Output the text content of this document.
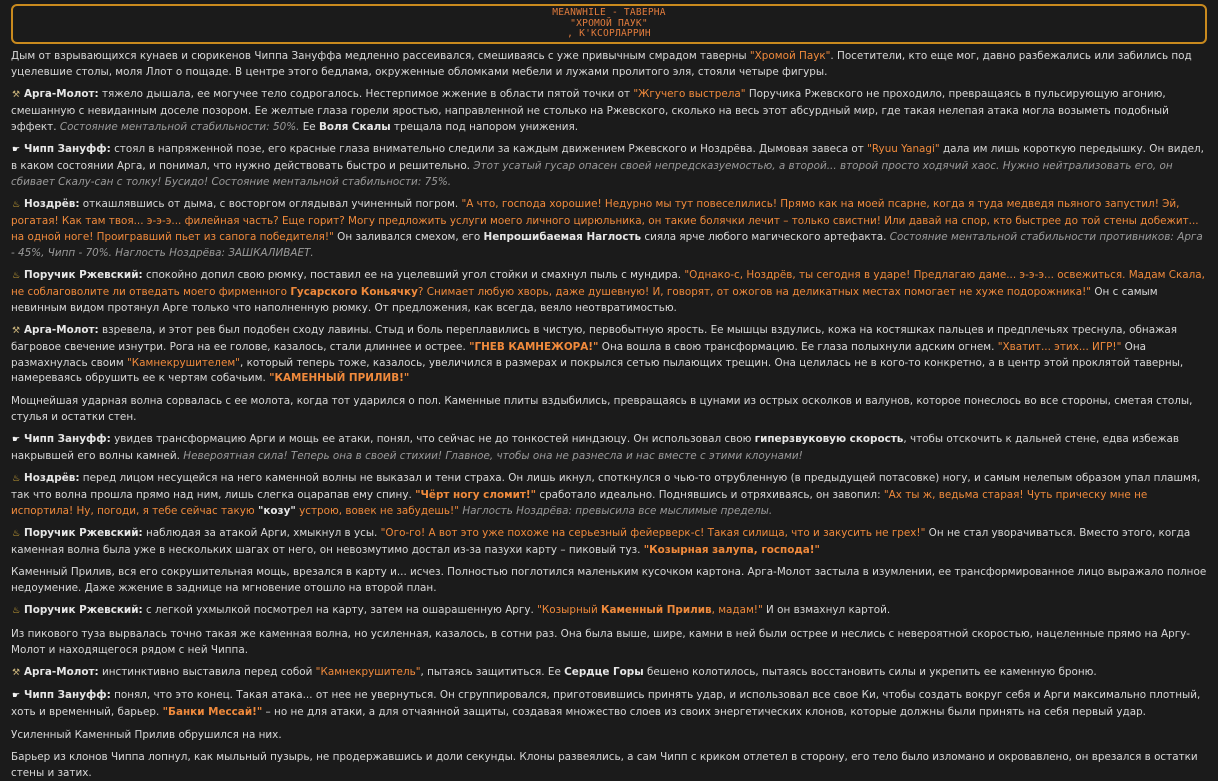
MEANWHILE - ТАВЕРНА
"ХРОМОЙ ПАУК"
, К'КСОРЛАРРИН
Дым от взрывающихся кунаев и сюрикенов Чиппа Зануффа медленно рассеивался, смешиваясь с уже привычным смрадом таверны "Хромой Паук". Посетители, кто еще мог, давно разбежались или забились под уцелевшие столы, моля Ллот о пощаде. В центре этого бедлама, окруженные обломками мебели и лужами пролитого эля, стояли четыре фигуры.
⚒ Арга-Молот: тяжело дышала, ее могучее тело содрогалось. Нестерпимое жжение в области пятой точки от "Жгучего выстрела" Поручика Ржевского не проходило, превращаясь в пульсирующую агонию, смешанную с невиданным доселе позором. Ее желтые глаза горели яростью, направленной не столько на Ржевского, сколько на весь этот абсурдный мир, где такая нелепая атака могла возыметь подобный эффект. Состояние ментальной стабильности: 50%. Ее Воля Скалы трещала под напором унижения.
☛ Чипп Зануфф: стоял в напряженной позе, его красные глаза внимательно следили за каждым движением Ржевского и Ноздрёва. Дымовая завеса от "Ryuu Yanagi" дала им лишь короткую передышку. Он видел, в каком состоянии Арга, и понимал, что нужно действовать быстро и решительно. Этот усатый гусар опасен своей непредсказуемостью, а второй... второй просто ходячий хаос. Нужно нейтрализовать его, он сбивает Скалу-сан с толку! Бусидо! Состояние ментальной стабильности: 75%.
♨ Ноздрёв: откашлявшись от дыма, с восторгом оглядывал учиненный погром. "А что, господа хорошие! Недурно мы тут повеселились! Прямо как на моей псарне, когда я туда медведя пьяного запустил! Эй, рогатая! Как там твоя... э-э-э... филейная часть? Еще горит? Могу предложить услуги моего личного цирюльника, он такие болячки лечит – только свистни! Или давай на спор, кто быстрее до той стены добежит... на одной ноге! Проигравший пьет из сапога победителя!" Он заливался смехом, его Непрошибаемая Наглость сияла ярче любого магического артефакта. Состояние ментальной стабильности противников: Арга - 45%, Чипп - 70%. Наглость Ноздрёва: ЗАШКАЛИВАЕТ.
♨ Поручик Ржевский: спокойно допил свою рюмку, поставил ее на уцелевший угол стойки и смахнул пыль с мундира. "Однако-с, Ноздрёв, ты сегодня в ударе! Предлагаю даме... э-э-э... освежиться. Мадам Скала, не соблаговолите ли отведать моего фирменного Гусарского Коньячку? Снимает любую хворь, даже душевную! И, говорят, от ожогов на деликатных местах помогает не хуже подорожника!" Он с самым невинным видом протянул Арге только что наполненную рюмку. От предложения, как всегда, веяло неотвратимостью.
⚒ Арга-Молот: взревела, и этот рев был подобен сходу лавины. Стыд и боль переплавились в чистую, первобытную ярость. Ее мышцы вздулись, кожа на костяшках пальцев и предплечьях треснула, обнажая багровое свечение изнутри. Рога на ее голове, казалось, стали длиннее и острее. "ГНЕВ КАМНЕЖОРА!" Она вошла в свою трансформацию. Ее глаза полыхнули адским огнем. "Хватит... этих... ИГР!" Она размахнулась своим "Камнекрушителем", который теперь тоже, казалось, увеличился в размерах и покрылся сетью пылающих трещин. Она целилась не в кого-то конкретно, а в центр этой проклятой таверны, намереваясь обрушить ее к чертям собачьим. "КАМЕННЫЙ ПРИЛИВ!"
Мощнейшая ударная волна сорвалась с ее молота, когда тот ударился о пол. Каменные плиты вздыбились, превращаясь в цунами из острых осколков и валунов, которое понеслось во все стороны, сметая столы, стулья и остатки стен.
☛ Чипп Зануфф: увидев трансформацию Арги и мощь ее атаки, понял, что сейчас не до тонкостей ниндзюцу. Он использовал свою гиперзвуковую скорость, чтобы отскочить к дальней стене, едва избежав накрывшей его волны камней. Невероятная сила! Теперь она в своей стихии! Главное, чтобы она не разнесла и нас вместе с этими клоунами!
♨ Ноздрёв: перед лицом несущейся на него каменной волны не выказал и тени страха. Он лишь икнул, споткнулся о чью-то отрубленную (в предыдущей потасовке) ногу, и самым нелепым образом упал плашмя, так что волна прошла прямо над ним, лишь слегка оцарапав ему спину. "Чёрт ногу сломит!" сработало идеально. Поднявшись и отряхиваясь, он завопил: "Ах ты ж, ведьма старая! Чуть прическу мне не испортила! Ну, погоди, я тебе сейчас такую "козу" устрою, вовек не забудешь!" Наглость Ноздрёва: превысила все мыслимые пределы.
♨ Поручик Ржевский: наблюдая за атакой Арги, хмыкнул в усы. "Ого-го! А вот это уже похоже на серьезный фейерверк-с! Такая силища, что и закусить не грех!" Он не стал уворачиваться. Вместо этого, когда каменная волна была уже в нескольких шагах от него, он невозмутимо достал из-за пазухи карту – пиковый туз. "Козырная залупа, господа!"
Каменный Прилив, вся его сокрушительная мощь, врезался в карту и... исчез. Полностью поглотился маленьким кусочком картона. Арга-Молот застыла в изумлении, ее трансформированное лицо выражало полное недоумение. Даже жжение в заднице на мгновение отошло на второй план.
♨ Поручик Ржевский: с легкой ухмылкой посмотрел на карту, затем на ошарашенную Аргу. "Козырный Каменный Прилив, мадам!" И он взмахнул картой.
Из пикового туза вырвалась точно такая же каменная волна, но усиленная, казалось, в сотни раз. Она была выше, шире, камни в ней были острее и неслись с невероятной скоростью, нацеленные прямо на Аргу-Молот и находящегося рядом с ней Чиппа.
⚒ Арга-Молот: инстинктивно выставила перед собой "Камнекрушитель", пытаясь защититься. Ее Сердце Горы бешено колотилось, пытаясь восстановить силы и укрепить ее каменную броню.
☛ Чипп Зануфф: понял, что это конец. Такая атака... от нее не увернуться. Он сгруппировался, приготовившись принять удар, и использовал все свое Ки, чтобы создать вокруг себя и Арги максимально плотный, хоть и временный, барьер. "Банки Мессай!" – но не для атаки, а для отчаянной защиты, создавая множество слоев из своих энергетических клонов, которые должны были принять на себя первый удар.
Усиленный Каменный Прилив обрушился на них.
Барьер из клонов Чиппа лопнул, как мыльный пузырь, не продержавшись и доли секунды. Клоны развеялись, а сам Чипп с криком отлетел в сторону, его тело было изломано и окровавлено, он врезался в остатки стены и затих.
